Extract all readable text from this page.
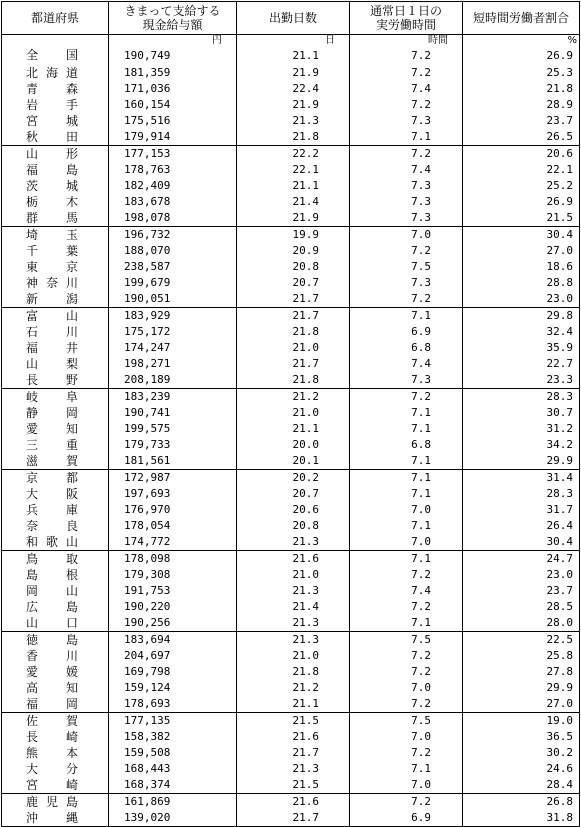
都道府県	きまって支給する現金給与額	出勤日数	通常日１日の実労働時間	短時間労働者割合
	円	日	時間	%

全国	190,749	21.1	7.2	26.9

北海道	181,359	21.9	7.2	25.3

青森	171,036	22.4	7.4	21.8

岩手	160,154	21.9	7.2	28.9

宮城	175,516	21.3	7.3	23.7

秋田	179,914	21.8	7.1	26.5

山形	177,153	22.2	7.2	20.6

福島	178,763	22.1	7.4	22.1

茨城	182,409	21.1	7.3	25.2

栃木	183,678	21.4	7.3	26.9

群馬	198,078	21.9	7.3	21.5

埼玉	196,732	19.9	7.0	30.4

千葉	188,070	20.9	7.2	27.0

東京	238,587	20.8	7.5	18.6

神奈川	199,679	20.7	7.3	28.8

新潟	190,051	21.7	7.2	23.0

富山	183,929	21.7	7.1	29.8

石川	175,172	21.8	6.9	32.4

福井	174,247	21.0	6.8	35.9

山梨	198,271	21.7	7.4	22.7

長野	208,189	21.8	7.3	23.3

岐阜	183,239	21.2	7.2	28.3

静岡	190,741	21.0	7.1	30.7

愛知	199,575	21.1	7.1	31.2

三重	179,733	20.0	6.8	34.2

滋賀	181,561	20.1	7.1	29.9

京都	172,987	20.2	7.1	31.4

大阪	197,693	20.7	7.1	28.3

兵庫	176,970	20.6	7.0	31.7

奈良	178,054	20.8	7.1	26.4

和歌山	174,772	21.3	7.0	30.4

鳥取	178,098	21.6	7.1	24.7

島根	179,308	21.0	7.2	23.0

岡山	191,753	21.3	7.4	23.7

広島	190,220	21.4	7.2	28.5

山口	190,256	21.3	7.1	28.0

徳島	183,694	21.3	7.5	22.5

香川	204,697	21.0	7.2	25.8

愛媛	169,798	21.8	7.2	27.8

高知	159,124	21.2	7.0	29.9

福岡	178,693	21.1	7.2	27.0

佐賀	177,135	21.5	7.5	19.0

長崎	158,382	21.6	7.0	36.5

熊本	159,508	21.7	7.2	30.2

大分	168,443	21.3	7.1	24.6

宮崎	168,374	21.5	7.0	28.4

鹿児島	161,869	21.6	7.2	26.8

沖縄	139,020	21.7	6.9	31.8
